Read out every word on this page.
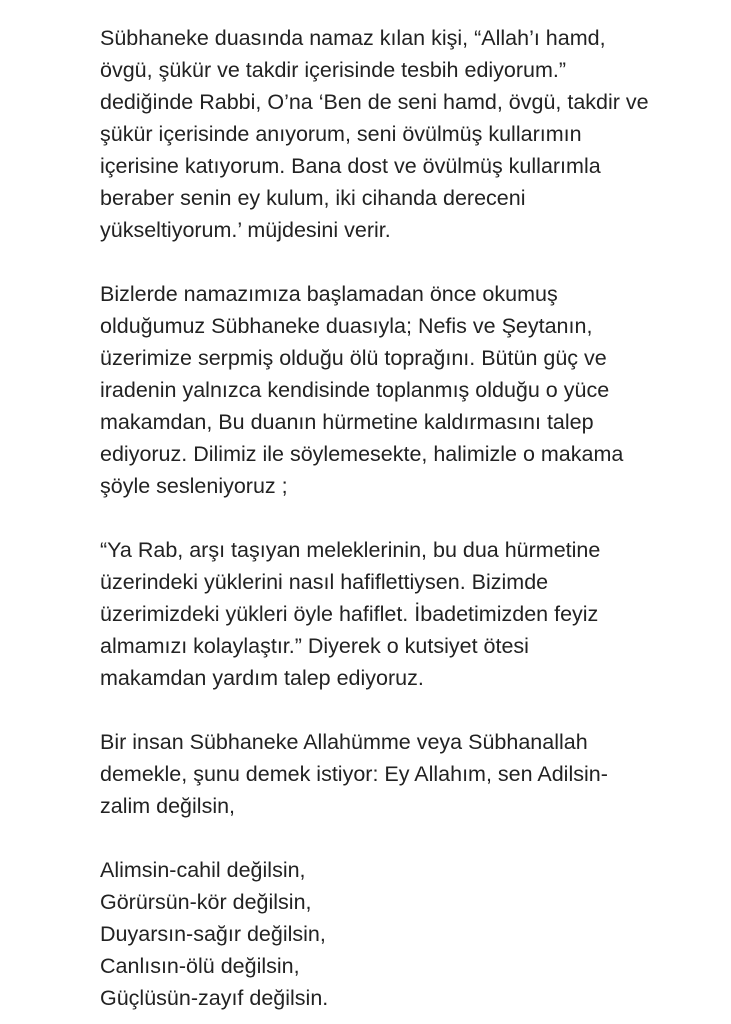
Sübhaneke duasında namaz kılan kişi, “Allah’ı hamd,
övgü, şükür ve takdir içerisinde tesbih ediyorum.”
dediğinde Rabbi, O’na ‘Ben de seni hamd, övgü, takdir ve
şükür içerisinde anıyorum, seni övülmüş kullarımın
içerisine katıyorum. Bana dost ve övülmüş kullarımla
beraber senin ey kulum, iki cihanda dereceni
yükseltiyorum.’ müjdesini verir.
Bizlerde namazımıza başlamadan önce okumuş
olduğumuz Sübhaneke duasıyla; Nefis ve Şeytanın,
üzerimize serpmiş olduğu ölü toprağını. Bütün güç ve
iradenin yalnızca kendisinde toplanmış olduğu o yüce
makamdan, Bu duanın hürmetine kaldırmasını talep
ediyoruz. Dilimiz ile söylemesekte, halimizle o makama
şöyle sesleniyoruz ;
“Ya Rab, arşı taşıyan meleklerinin, bu dua hürmetine
üzerindeki yüklerini nasıl hafiflettiysen. Bizimde
üzerimizdeki yükleri öyle hafiflet. İbadetimizden feyiz
almamızı kolaylaştır.” Diyerek o kutsiyet ötesi
makamdan yardım talep ediyoruz.
Bir insan Sübhaneke Allahümme veya Sübhanallah
demekle, şunu demek istiyor: Ey Allahım, sen Adilsin-
zalim değilsin,
Alimsin-cahil değilsin,
Görürsün-kör değilsin,
Duyarsın-sağır değilsin,
Canlısın-ölü değilsin,
Güçlüsün-zayıf değilsin.
